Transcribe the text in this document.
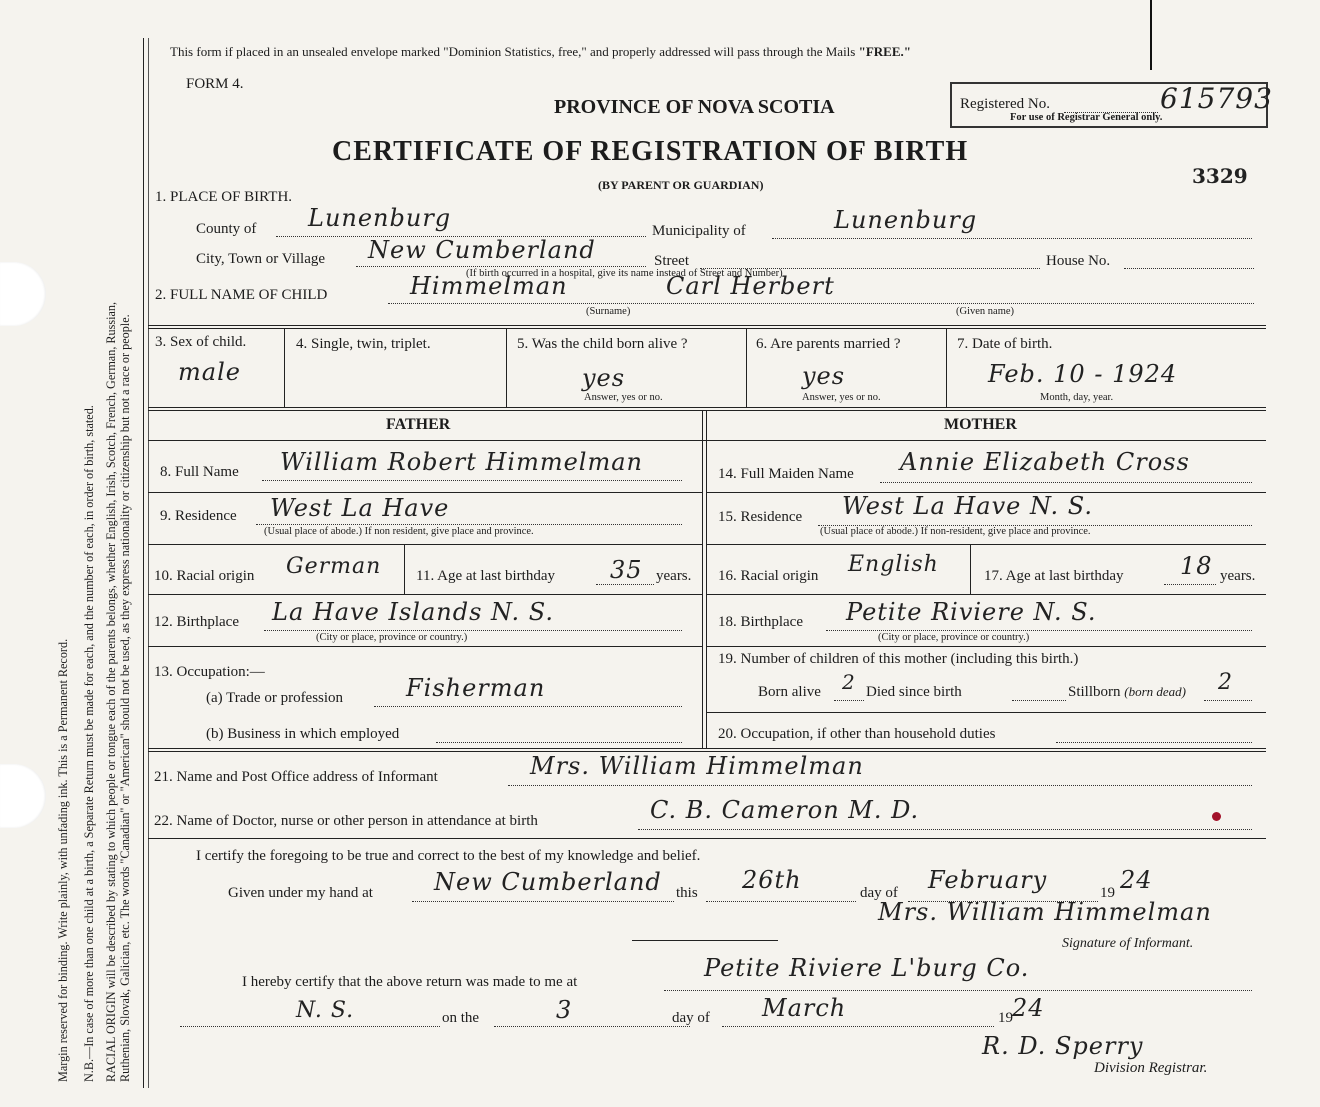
Margin reserved for binding. Write plainly, with unfading ink. This is a Permanent Record. N.B.—In case of more than one child at a birth, a Separate Return must be made for each, and the number of each, in order of birth, stated. RACIAL ORIGIN will be described by stating to which people or tongue each of the parents belongs, whether English, Irish, Scotch, French, German, Russian, Ruthenian, Slovak, Galician, etc. The words "Canadian" or "American" should not be used, as they express nationality or citizenship but not a race or people.
This form if placed in an unsealed envelope marked "Dominion Statistics, free," and properly addressed will pass through the Mails "FREE."
FORM 4.
PROVINCE OF NOVA SCOTIA
CERTIFICATE OF REGISTRATION OF BIRTH
(BY PARENT OR GUARDIAN)
Registered No.	615793
For use of Registrar General only.
3329
1. PLACE OF BIRTH.
County of Lunenburg	Municipality of	Lunenburg
City, Town or Village New Cumberland	Street	House No.
(If birth occurred in a hospital, give its name instead of Street and Number)
2. FULL NAME OF CHILD	Himmelman	Carl Herbert
(Surname)	(Given name)
3. Sex of child.
male
4. Single, twin, triplet.	5. Was the child born alive ?
yes
Answer, yes or no.
6. Are parents married ?
yes
Answer, yes or no.
7. Date of birth.
Feb. 10 - 1924
Month, day, year.
FATHER	MOTHER
8. Full Name William Robert Himmelman
9. Residence West La Have
(Usual place of abode.) If non resident, give place and province.
10. Racial origin German 11. Age at last birthday 35 years.
12. Birthplace La Have Islands N. S.
(City or place, province or country.)
13. Occupation:—
(a) Trade or profession	Fisherman
(b) Business in which employed
14. Full Maiden Name Annie Elizabeth Cross
15. Residence West La Have N. S.
(Usual place of abode.) If non-resident, give place and province.
16. Racial origin English	17. Age at last birthday 18 years.
18. Birthplace Petite Riviere N. S.
(City or place, province or country.)
19. Number of children of this mother (including this birth.)
Born alive 2 Died since birth	Stillborn (born dead) 2
20. Occupation, if other than household duties
21. Name and Post Office address of Informant	Mrs. William Himmelman
22. Name of Doctor, nurse or other person in attendance at birth	C. B. Cameron M. D.
I certify the foregoing to be true and correct to the best of my knowledge and belief.
Given under my hand at	New Cumberland this 26th	day of February	19 24
Mrs. William Himmelman
Signature of Informant.
I hereby certify that the above return was made to me at	Petite Riviere L'burg Co.
N. S.	on the	3	day of March	19 24
R. D. Sperry
Division Registrar.
